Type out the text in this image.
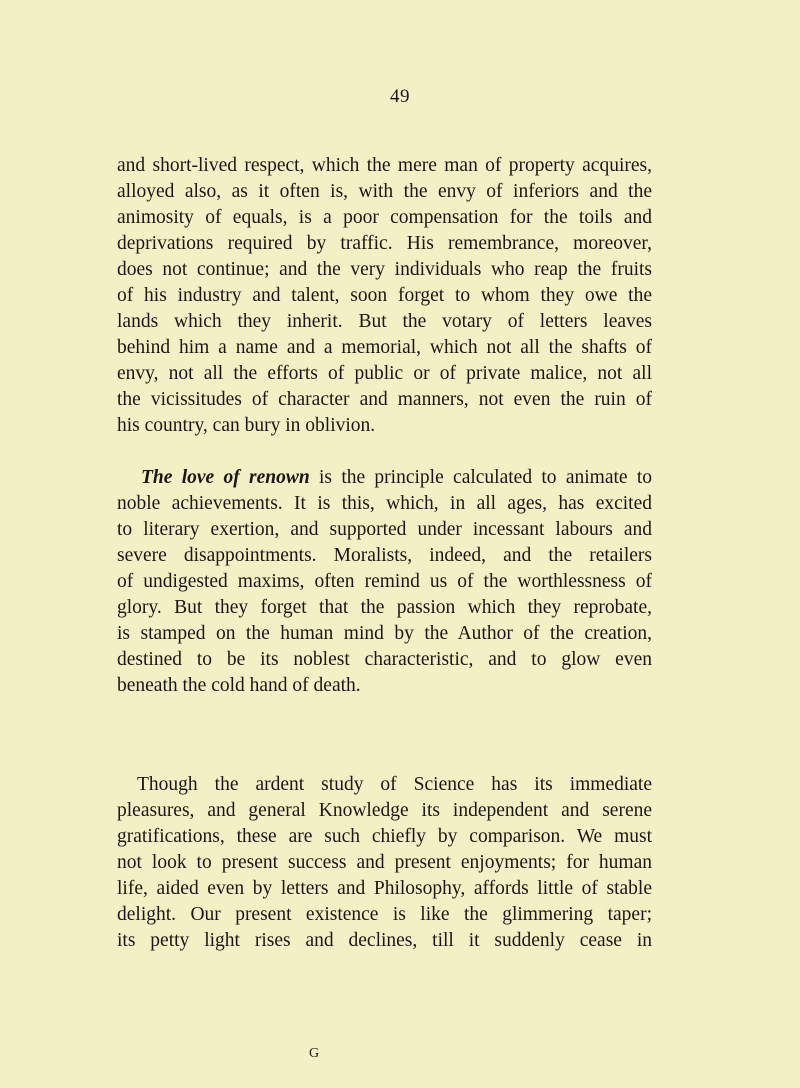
49
and short-lived respect, which the mere man of property acquires,
alloyed also, as it often is, with the envy of inferiors and the
animosity of equals, is a poor compensation for the toils and
deprivations required by traffic. His remembrance, moreover,
does not continue; and the very individuals who reap the fruits
of his industry and talent, soon forget to whom they owe the
lands which they inherit. But the votary of letters leaves
behind him a name and a memorial, which not all the shafts of
envy, not all the efforts of public or of private malice, not all
the vicissitudes of character and manners, not even the ruin of
his country, can bury in oblivion.
The love of renown is the principle calculated to animate to
noble achievements. It is this, which, in all ages, has excited
to literary exertion, and supported under incessant labours and
severe disappointments. Moralists, indeed, and the retailers
of undigested maxims, often remind us of the worthlessness of
glory. But they forget that the passion which they reprobate,
is stamped on the human mind by the Author of the creation,
destined to be its noblest characteristic, and to glow even
beneath the cold hand of death.
Though the ardent study of Science has its immediate
pleasures, and general Knowledge its independent and serene
gratifications, these are such chiefly by comparison. We must
not look to present success and present enjoyments; for human
life, aided even by letters and Philosophy, affords little of stable
delight. Our present existence is like the glimmering taper;
its petty light rises and declines, till it suddenly cease in
G
